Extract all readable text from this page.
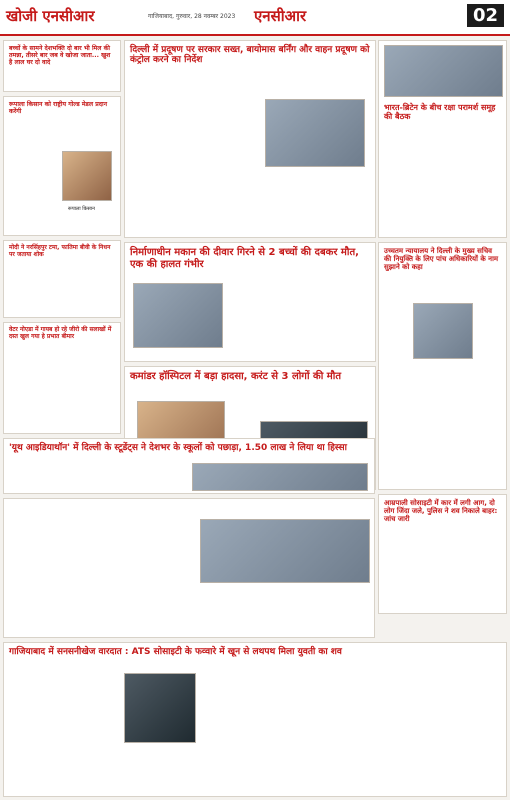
खोजी एनसीआर	गाजियाबाद, गुरुवार, 28 नवम्बर 2023 एनसीआर	02
बच्चों के सामने देशभक्ति दो बार भी मिल की तमन्ना, तीसरे बार जब वे खोजा जाता... खुश है लाल घर दो वादे
रूपाला किसान को राष्ट्रीय गोल्ड मेडल प्रदान करेंगी
रूपाला किसान
मोदी ने नरसिंहपुर टमा, फातिमा बीवी के निधन पर जताया शोक
वेटर नोएडा में गायब हो रहे जीरो की सलाखों में दस्त खुल गया हे प्रभात बीमार
दिल्ली में प्रदूषण पर सरकार सख्त, बायोमास बर्निंग और वाहन प्रदूषण को कंट्रोल करने का निर्देश
भारत-ब्रिटेन के बीच रक्षा परामर्श समूह की बैठक
निर्माणाधीन मकान की दीवार गिरने से 2 बच्चों की दबकर मौत, एक की हालत गंभीर
कमांडर हॉस्पिटल में बड़ा हादसा, करंट से 3 लोगों की मौत
उच्चतम न्यायालय ने दिल्ली के मुख्य सचिव की नियुक्ति के लिए पांच अधिकारियों के नाम सुझाने को कहा
'यूथ आइडियाथॉन' में दिल्ली के स्टूडेंट्स ने देशभर के स्कूलों को पछाड़ा, 1.50 लाख ने लिया था हिस्सा
आम्रपाली सोसाइटी में कार में लगी आग, दो लोग जिंदा जले, पुलिस ने शव निकाले बाहर: जांच जारी
गाजियाबाद में सनसनीखेज वारदात : ATS सोसाइटी के फव्वारे में खून से लथपथ मिला युवती का शव
